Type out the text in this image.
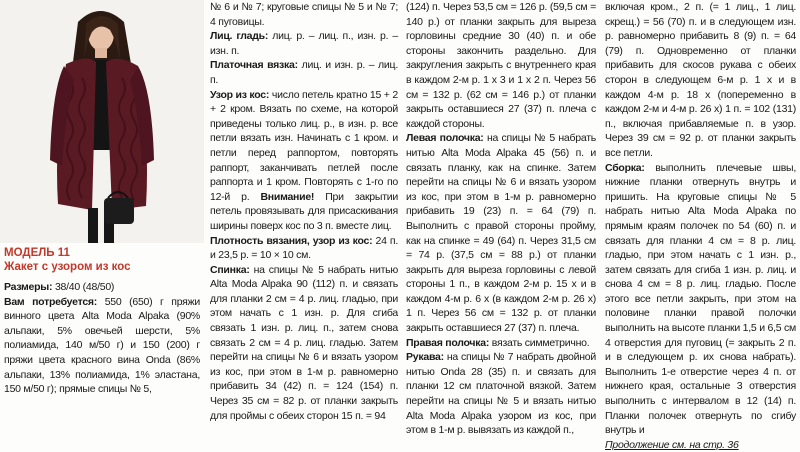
МОДЕЛЬ 11

Жакет с узором из кос

Размеры: 38/40 (48/50)

Вам потребуется: 550 (650) г пряжи винного цвета Alta Moda Alpaka (90% альпаки, 5% овечьей шерсти, 5% полиамида, 140 м/50 г) и 150 (200) г пряжи цвета красного вина Onda (86% альпаки, 13% полиамида, 1% эластана, 150 м/50 г); прямые спицы № 5,

№ 6 и № 7; круговые спицы № 5 и № 7; 4 пуговицы.

Лиц. гладь: лиц. р. – лиц. п., изн. р. – изн. п.

Платочная вязка: лиц. и изн. р. – лиц. п.

Узор из кос: число петель кратно 15 + 2 + 2 кром. Вязать по схеме, на которой приведены только лиц. р., в изн. р. все петли вязать изн. Начинать с 1 кром. и петли перед раппортом, повторять раппорт, заканчивать петлей после раппорта и 1 кром. Повторять с 1-го по 12-й р. Внимание! При закрытии петель провязывать для присаскивания ширины поверх кос по 3 п. вместе лиц.

Плотность вязания, узор из кос: 24 п. и 23,5 р. = 10 × 10 см.

Спинка: на спицы № 5 набрать нитью Alta Moda Alpaka 90 (112) п. и связать для планки 2 см = 4 р. лиц. гладью, при этом начать с 1 изн. р. Для сгиба связать 1 изн. р. лиц. п., затем снова связать 2 см = 4 р. лиц. гладью. Затем перейти на спицы № 6 и вязать узором из кос, при этом в 1-м р. равномерно прибавить 34 (42) п. = 124 (154) п. Через 35 см = 82 р. от планки закрыть для проймы с обеих сторон 15 п. = 94

(124) п. Через 53,5 см = 126 р. (59,5 см = 140 р.) от планки закрыть для выреза горловины средние 30 (40) п. и обе стороны закончить раздельно. Для закругления закрыть с внутреннего края в каждом 2-м р. 1 х 3 и 1 х 2 п. Через 56 см = 132 р. (62 см = 146 р.) от планки закрыть оставшиеся 27 (37) п. плеча с каждой стороны.

Левая полочка: на спицы № 5 набрать нитью Alta Moda Alpaka 45 (56) п. и связать планку, как на спинке. Затем перейти на спицы № 6 и вязать узором из кос, при этом в 1-м р. равномерно прибавить 19 (23) п. = 64 (79) п. Выполнить с правой стороны пройму, как на спинке = 49 (64) п. Через 31,5 см = 74 р. (37,5 см = 88 р.) от планки закрыть для выреза горловины с левой стороны 1 п., в каждом 2-м р. 15 х и в каждом 4-м р. 6 х (в каждом 2-м р. 26 х) 1 п. Через 56 см = 132 р. от планки закрыть оставшиеся 27 (37) п. плеча.

Правая полочка: вязать симметрично.

Рукава: на спицы № 7 набрать двойной нитью Onda 28 (35) п. и связать для планки 12 см платочной вязкой. Затем перейти на спицы № 5 и вязать нитью Alta Moda Alpaka узором из кос, при этом в 1-м р. вывязать из каждой п.,

включая кром., 2 п. (= 1 лиц., 1 лиц. скрещ.) = 56 (70) п. и в следующем изн. р. равномерно прибавить 8 (9) п. = 64 (79) п. Одновременно от планки прибавить для скосов рукава с обеих сторон в следующем 6-м р. 1 х и в каждом 4-м р. 18 х (попеременно в каждом 2-м и 4-м р. 26 х) 1 п. = 102 (131) п., включая прибавляемые п. в узор. Через 39 см = 92 р. от планки закрыть все петли.

Сборка: выполнить плечевые швы, нижние планки отвернуть внутрь и пришить. На круговые спицы № 5 набрать нитью Alta Moda Alpaka по прямым краям полочек по 54 (60) п. и связать для планки 4 см = 8 р. лиц. гладью, при этом начать с 1 изн. р., затем связать для сгиба 1 изн. р. лиц. и снова 4 см = 8 р. лиц. гладью. После этого все петли закрыть, при этом на половине планки правой полочки выполнить на высоте планки 1,5 и 6,5 см 4 отверстия для пуговиц (= закрыть 2 п. и в следующем р. их снова набрать). Выполнить 1-е отверстие через 4 п. от нижнего края, остальные 3 отверстия выполнить с интервалом в 12 (14) п. Планки полочек отвернуть по сгибу внутрь и

Продолжение см. на стр. 36
